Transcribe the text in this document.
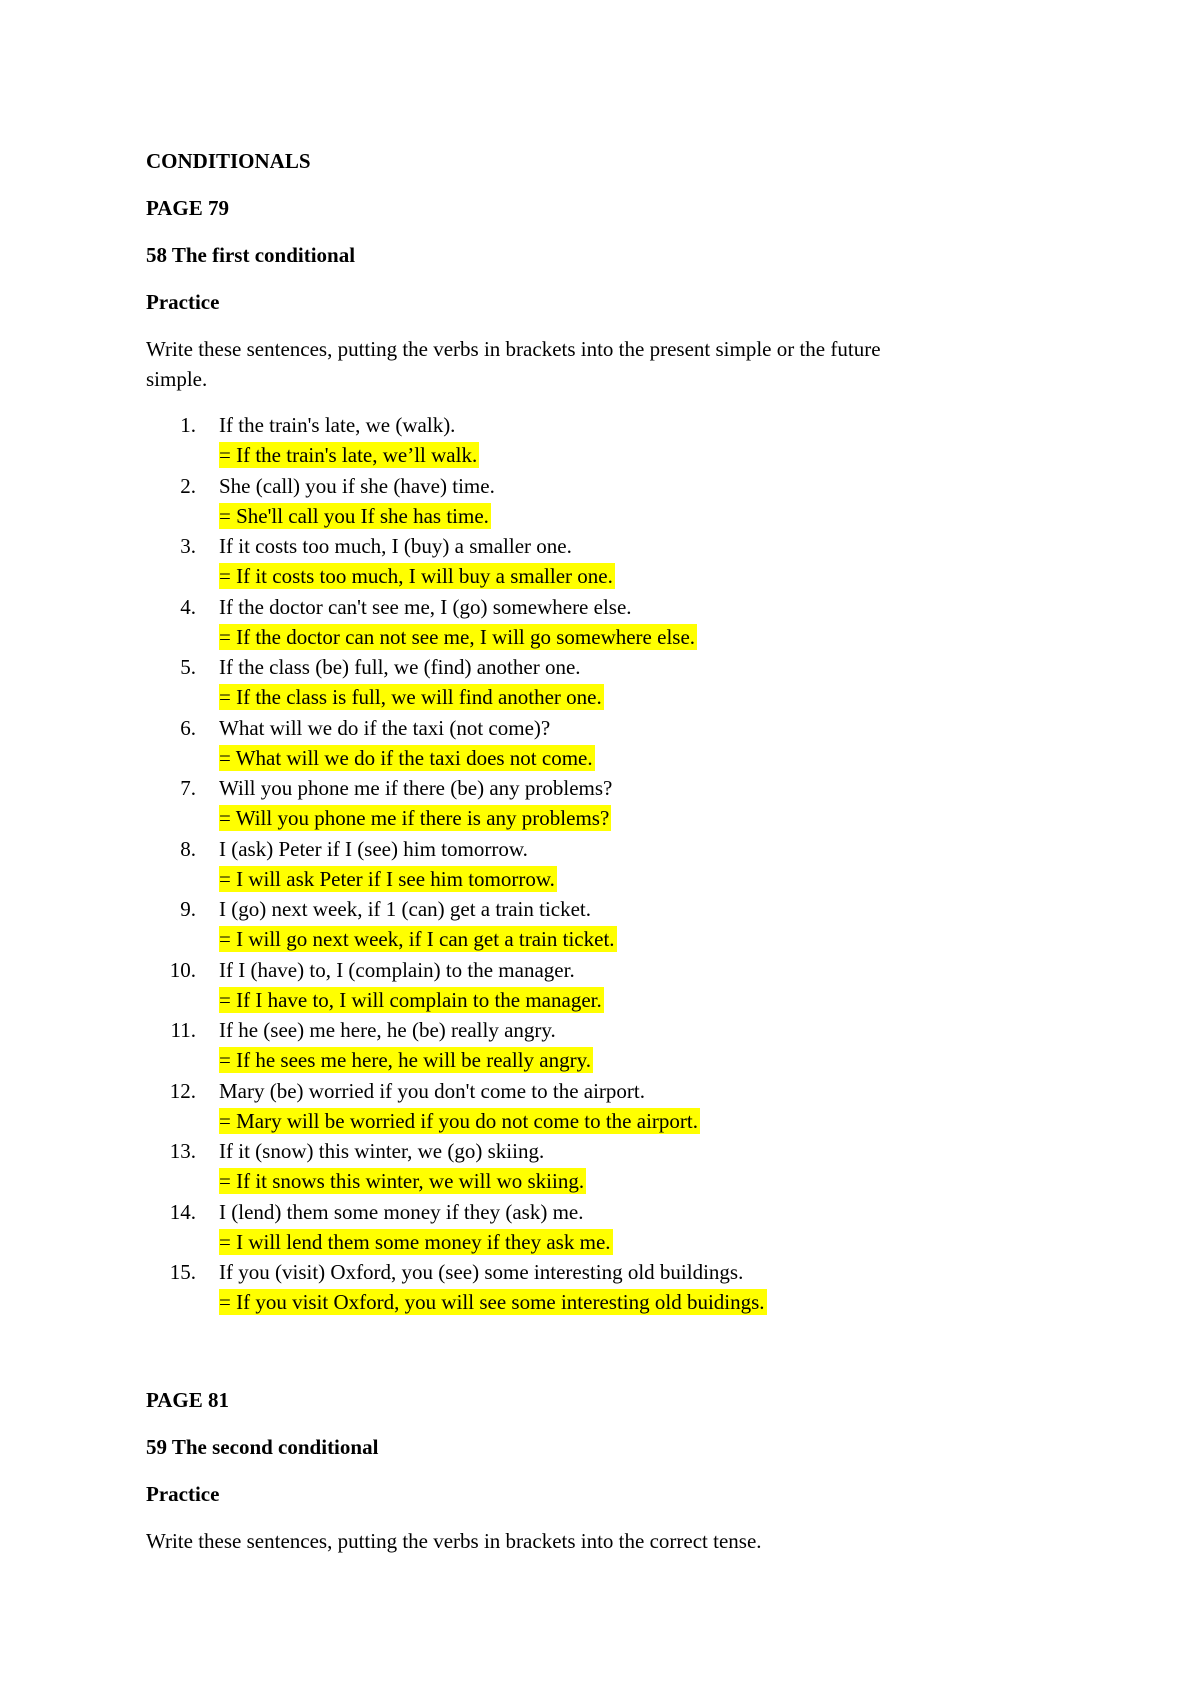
CONDITIONALS
PAGE 79
58 The first conditional
Practice
Write these sentences, putting the verbs in brackets into the present simple or the future
simple.
1. If the train's late, we (walk).
= If the train's late, we’ll walk.
2. She (call) you if she (have) time.
= She'll call you If she has time.
3. If it costs too much, I (buy) a smaller one.
= If it costs too much, I will buy a smaller one.
4. If the doctor can't see me, I (go) somewhere else.
= If the doctor can not see me, I will go somewhere else.
5. If the class (be) full, we (find) another one.
= If the class is full, we will find another one.
6. What will we do if the taxi (not come)?
= What will we do if the taxi does not come.
7. Will you phone me if there (be) any problems?
= Will you phone me if there is any problems?
8. I (ask) Peter if I (see) him tomorrow.
= I will ask Peter if I see him tomorrow.
9. I (go) next week, if 1 (can) get a train ticket.
= I will go next week, if I can get a train ticket.
10. If I (have) to, I (complain) to the manager.
= If I have to, I will complain to the manager.
11. If he (see) me here, he (be) really angry.
= If he sees me here, he will be really angry.
12. Mary (be) worried if you don't come to the airport.
= Mary will be worried if you do not come to the airport.
13. If it (snow) this winter, we (go) skiing.
= If it snows this winter, we will wo skiing.
14. I (lend) them some money if they (ask) me.
= I will lend them some money if they ask me.
15. If you (visit) Oxford, you (see) some interesting old buildings.
= If you visit Oxford, you will see some interesting old buidings.
PAGE 81
59 The second conditional
Practice
Write these sentences, putting the verbs in brackets into the correct tense.
